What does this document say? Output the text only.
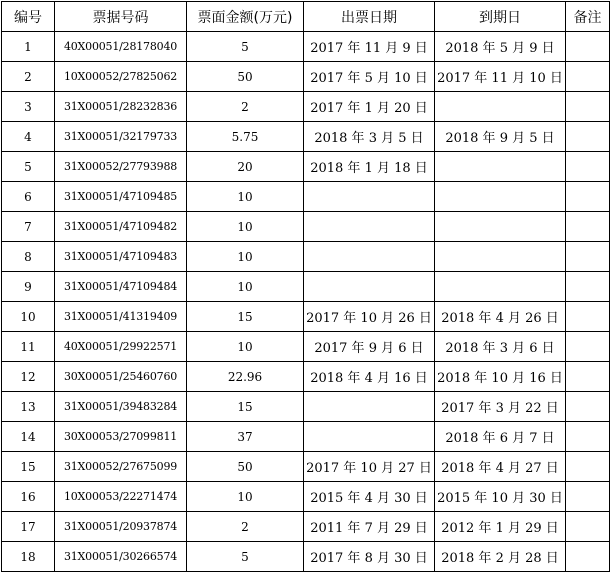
编号	票据号码	票面金额(万元)	出票日期	到期日	备注
1	40X00051/28178040	5	2017 年 11 月 9 日	2018 年 5 月 9 日	
2	10X00052/27825062	50	2017 年 5 月 10 日	2017 年 11 月 10 日	
3	31X00051/28232836	2	2017 年 1 月 20 日		
4	31X00051/32179733	5.75	2018 年 3 月 5 日	2018 年 9 月 5 日	
5	31X00052/27793988	20	2018 年 1 月 18 日		
6	31X00051/47109485	10			
7	31X00051/47109482	10			
8	31X00051/47109483	10			
9	31X00051/47109484	10			
10	31X00051/41319409	15	2017 年 10 月 26 日	2018 年 4 月 26 日	
11	40X00051/29922571	10	2017 年 9 月 6 日	2018 年 3 月 6 日	
12	30X00051/25460760	22.96	2018 年 4 月 16 日	2018 年 10 月 16 日	
13	31X00051/39483284	15		2017 年 3 月 22 日	
14	30X00053/27099811	37		2018 年 6 月 7 日	
15	31X00052/27675099	50	2017 年 10 月 27 日	2018 年 4 月 27 日	
16	10X00053/22271474	10	2015 年 4 月 30 日	2015 年 10 月 30 日	
17	31X00051/20937874	2	2011 年 7 月 29 日	2012 年 1 月 29 日	
18	31X00051/30266574	5	2017 年 8 月 30 日	2018 年 2 月 28 日	
